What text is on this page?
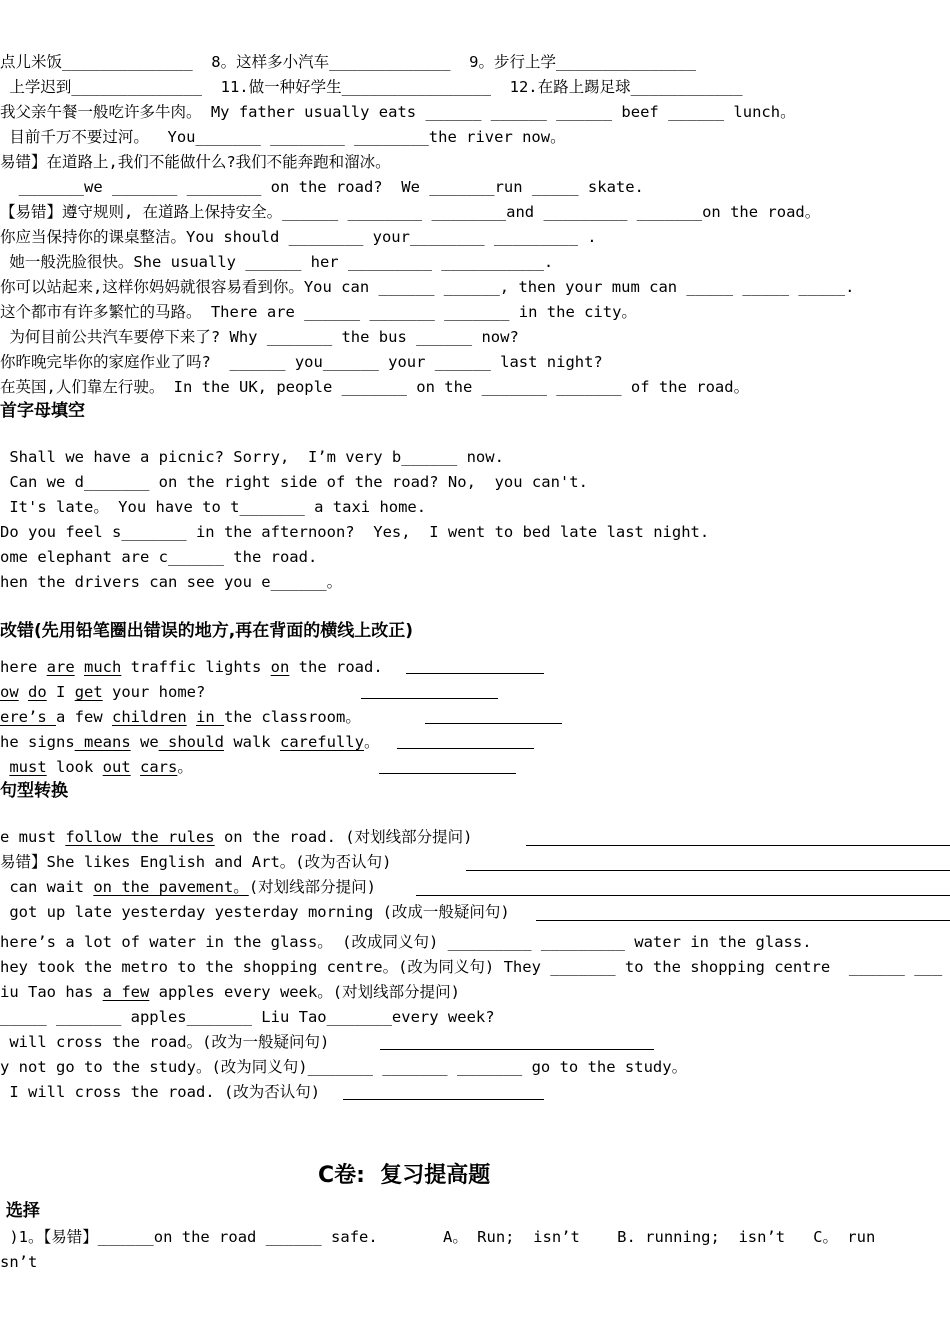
点儿米饭______________  8。这样多小汽车_____________  9。步行上学_______________
上学迟到______________  11.做一种好学生________________  12.在路上踢足球____________
我父亲午餐一般吃许多牛肉。 My father usually eats ______ ______ ______ beef ______ lunch。
目前千万不要过河。  You_______ ________ ________the river now。
易错】在道路上,我们不能做什么?我们不能奔跑和溜冰。
_______we _______ ________ on the road?  We _______run _____ skate.
【易错】遵守规则, 在道路上保持安全。______ ________ ________and _________ _______on the road。
你应当保持你的课桌整洁。You should ________ your________ _________ .
她一般洗脸很快。She usually ______ her _________ ___________.
你可以站起来,这样你妈妈就很容易看到你。You can ______ ______, then your mum can _____ _____ _____.
这个都市有许多繁忙的马路。 There are ______ _______ _______ in the city。
为何目前公共汽车要停下来了? Why _______ the bus ______ now?
你昨晚完毕你的家庭作业了吗?  ______ you______ your ______ last night?
在英国,人们靠左行驶。 In the UK, people _______ on the _______ _______ of the road。
首字母填空
Shall we have a picnic? Sorry,  I’m very b______ now.
Can we d_______ on the right side of the road? No,  you can't.
It's late。 You have to t_______ a taxi home.
Do you feel s_______ in the afternoon?  Yes,  I went to bed late last night.
ome elephant are c______ the road.
hen the drivers can see you e______。
改错(先用铅笔圈出错误的地方,再在背面的横线上改正)
here are much traffic lights on the road.
ow do I get your home?
ere’s a few children in the classroom。
he signs means we should walk carefully。
must look out cars。
句型转换
e must follow the rules on the road. (对划线部分提问)
易错】She likes English and Art。(改为否认句)
can wait on the pavement。(对划线部分提问)
got up late yesterday yesterday morning (改成一般疑问句)
here’s a lot of water in the glass。 (改成同义句) _________ _________ water in the glass.
hey took the metro to the shopping centre。(改为同义句) They _______ to the shopping centre  ______ ___
iu Tao has a few apples every week。(对划线部分提问)
_____ _______ apples_______ Liu Tao_______every week?
will cross the road。(改为一般疑问句)
y not go to the study。(改为同义句)_______ _______ _______ go to the study。
I will cross the road. (改为否认句)
C卷:  复习提高题
选择
)1。【易错】______on the road ______ safe.       A。 Run;  isn’t    B. running;  isn’t   C。 run
sn’t
